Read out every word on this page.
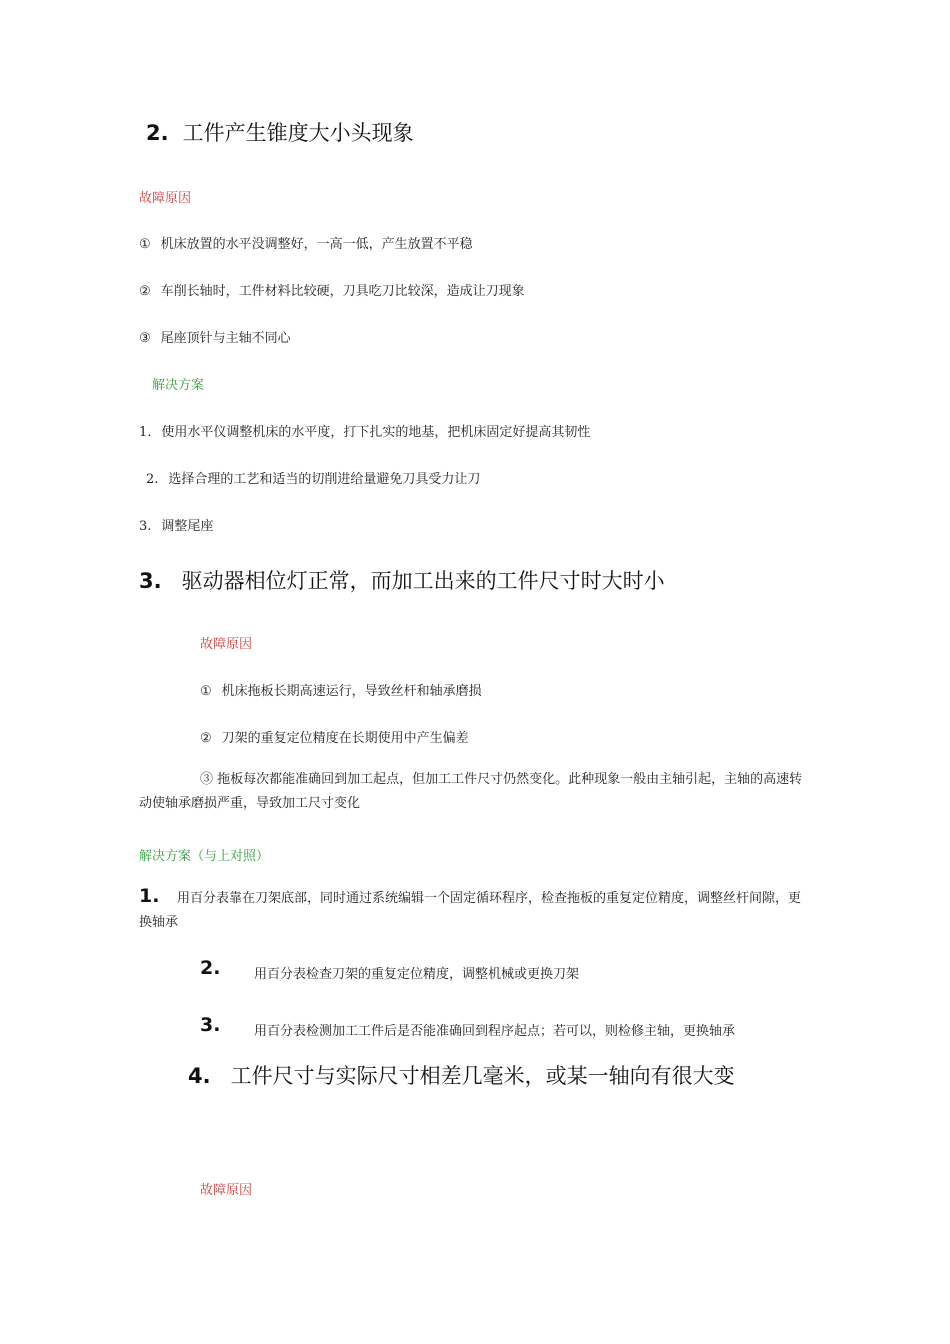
2. 工件产生锥度大小头现象
故障原因
① 机床放置的水平没调整好，一高一低，产生放置不平稳
② 车削长轴时，工件材料比较硬，刀具吃刀比较深，造成让刀现象
③ 尾座顶针与主轴不同心
解决方案
1. 使用水平仪调整机床的水平度，打下扎实的地基，把机床固定好提高其韧性
2. 选择合理的工艺和适当的切削进给量避免刀具受力让刀
3. 调整尾座
3. 驱动器相位灯正常，而加工出来的工件尺寸时大时小
故障原因
① 机床拖板长期高速运行，导致丝杆和轴承磨损
② 刀架的重复定位精度在长期使用中产生偏差
③ 拖板每次都能准确回到加工起点，但加工工件尺寸仍然变化。此种现象一般由主轴引起，主轴的高速转动使轴承磨损严重，导致加工尺寸变化
解决方案（与上对照）
1.	用百分表靠在刀架底部，同时通过系统编辑一个固定循环程序，检查拖板的重复定位精度，调整丝杆间隙，更换轴承
2.	用百分表检查刀架的重复定位精度，调整机械或更换刀架
3.	用百分表检测加工工件后是否能准确回到程序起点；若可以，则检修主轴，更换轴承
4. 工件尺寸与实际尺寸相差几毫米，或某一轴向有很大变
故障原因
